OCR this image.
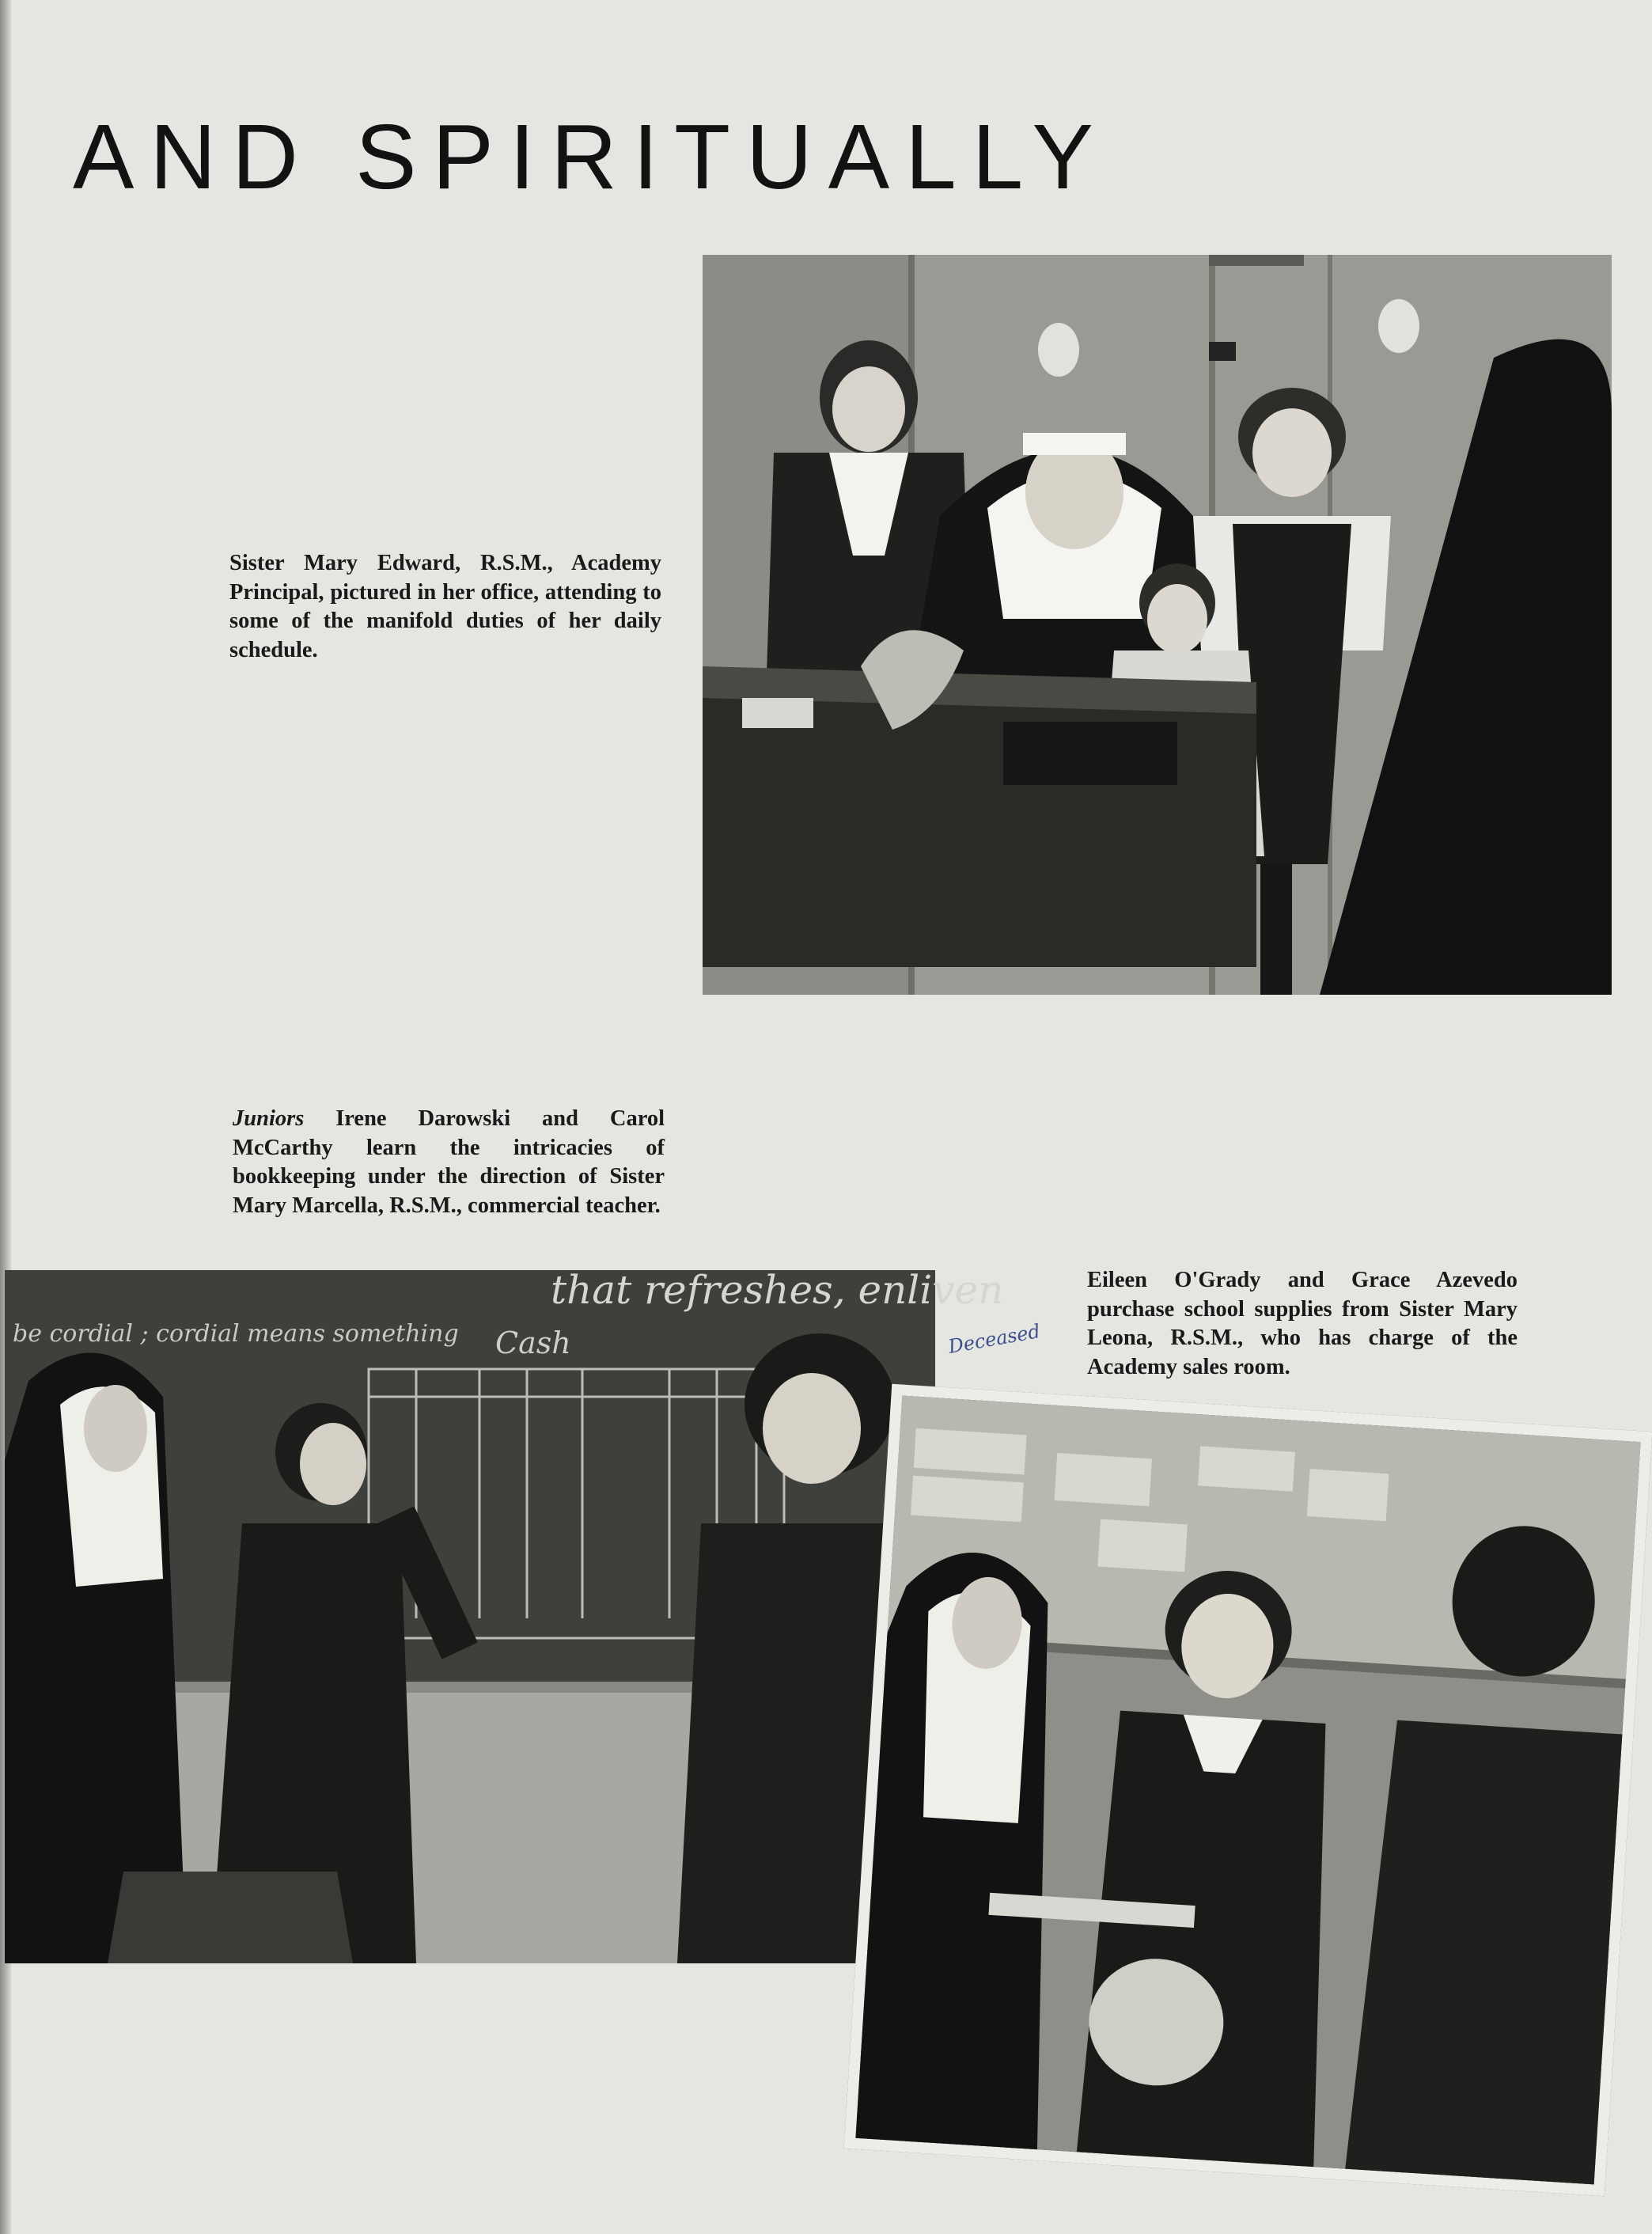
AND SPIRITUALLY

Sister Mary Edward, R.S.M., Academy Principal, pictured in her office, attending to some of the manifold duties of her daily schedule.

Juniors Irene Darowski and Carol McCarthy learn the intricacies of bookkeeping under the direction of Sister Mary Marcella, R.S.M., commercial teacher.

be cordial ; cordial means something
that refreshes, enliven
Cash

Eileen O'Grady and Grace Azevedo purchase school supplies from Sister Mary Leona, R.S.M., who has charge of the Academy sales room.

Deceased
